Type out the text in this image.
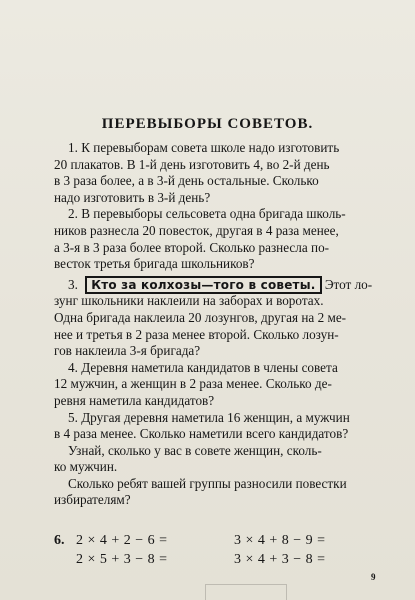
ПЕРЕВЫБОРЫ СОВЕТОВ.
1. К перевыборам совета школе надо изготовить
20 плакатов. В 1-й день изготовить 4, во 2-й день
в 3 раза более, а в 3-й день остальные. Сколько
надо изготовить в 3-й день?
2. В перевыборы сельсовета одна бригада школь-
ников разнесла 20 повесток, другая в 4 раза менее,
а 3-я в 3 раза более второй. Сколько разнесла по-
весток третья бригада школьников?
3. Кто за колхозы—того в советы. Этот ло-
зунг школьники наклеили на заборах и воротах.
Одна бригада наклеила 20 лозунгов, другая на 2 ме-
нее и третья в 2 раза менее второй. Сколько лозун-
гов наклеила 3-я бригада?
4. Деревня наметила кандидатов в члены совета
12 мужчин, а женщин в 2 раза менее. Сколько де-
ревня наметила кандидатов?
5. Другая деревня наметила 16 женщин, а мужчин
в 4 раза менее. Сколько наметили всего кандидатов?
Узнай, сколько у вас в совете женщин, сколь-
ко мужчин.
Сколько ребят вашей группы разносили повестки
избирателям?
6. 2 × 4 + 2 − 6 =	3 × 4 + 8 − 9 =
2 × 5 + 3 − 8 =	3 × 4 + 3 − 8 =
9
